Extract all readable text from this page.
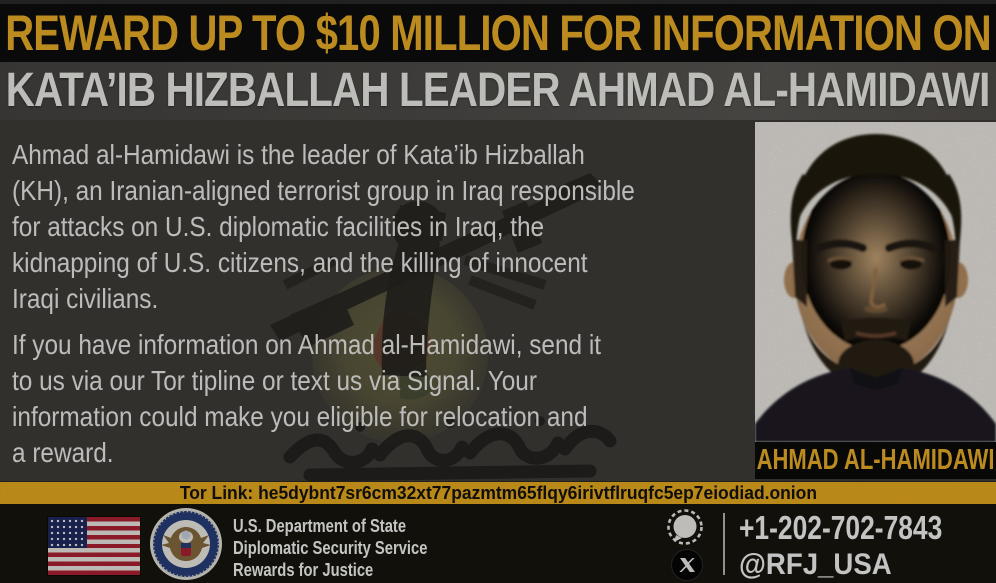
REWARD UP TO $10 MILLION FOR INFORMATION ON
KATA’IB HIZBALLAH LEADER AHMAD AL-HAMIDAWI
Ahmad al-Hamidawi is the leader of Kata’ib Hizballah
(KH), an Iranian-aligned terrorist group in Iraq responsible
for attacks on U.S. diplomatic facilities in Iraq, the
kidnapping of U.S. citizens, and the killing of innocent
Iraqi civilians.
If you have information on Ahmad al-Hamidawi, send it
to us via our Tor tipline or text us via Signal. Your
information could make you eligible for relocation and
a reward.	AHMAD AL-HAMIDAWI
Tor Link: he5dybnt7sr6cm32xt77pazmtm65flqy6irivtflruqfc5ep7eiodiad.onion
U.S. Department of State
Diplomatic Security Service
Rewards for Justice
+1-202-702-7843
@RFJ_USA
